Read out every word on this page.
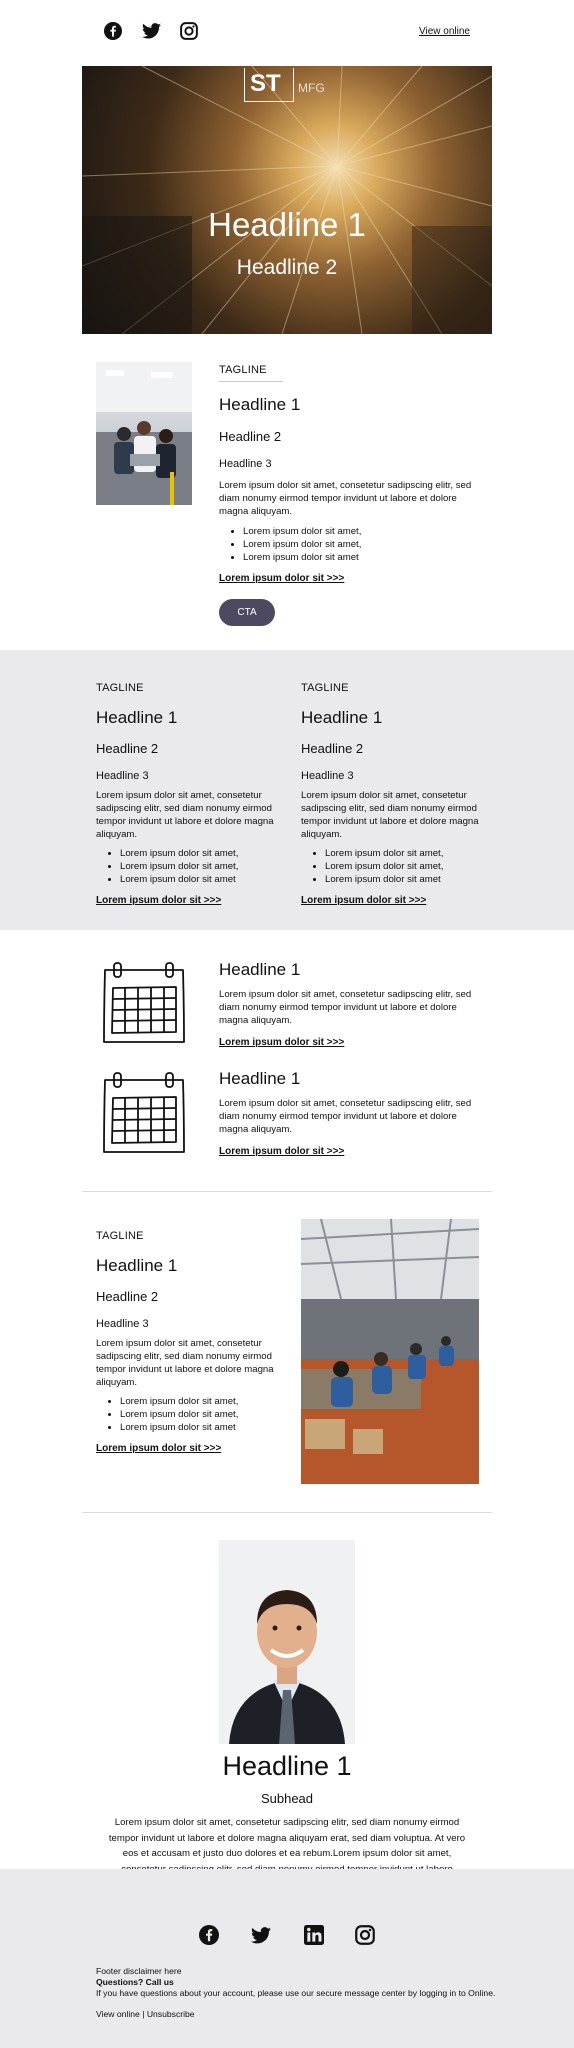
View online
ST MFG
Headline 1
Headline 2
TAGLINE
Headline 1
Headline 2
Headline 3
Lorem ipsum dolor sit amet, consetetur sadipscing elitr, sed diam nonumy eirmod tempor invidunt ut labore et dolore magna aliquyam.
• Lorem ipsum dolor sit amet,
• Lorem ipsum dolor sit amet,
• Lorem ipsum dolor sit amet
Lorem ipsum dolor sit >>>
CTA
TAGLINE
Headline 1
Headline 2
Headline 3
Lorem ipsum dolor sit amet, consetetur sadipscing elitr, sed diam nonumy eirmod tempor invidunt ut labore et dolore magna aliquyam.
• Lorem ipsum dolor sit amet,
• Lorem ipsum dolor sit amet,
• Lorem ipsum dolor sit amet
Lorem ipsum dolor sit >>>
TAGLINE
Headline 1
Headline 2
Headline 3
Lorem ipsum dolor sit amet, consetetur sadipscing elitr, sed diam nonumy eirmod tempor invidunt ut labore et dolore magna aliquyam.
• Lorem ipsum dolor sit amet,
• Lorem ipsum dolor sit amet,
• Lorem ipsum dolor sit amet
Lorem ipsum dolor sit >>>
Headline 1
Lorem ipsum dolor sit amet, consetetur sadipscing elitr, sed diam nonumy eirmod tempor invidunt ut labore et dolore magna aliquyam.
Lorem ipsum dolor sit >>>
Headline 1
Lorem ipsum dolor sit amet, consetetur sadipscing elitr, sed diam nonumy eirmod tempor invidunt ut labore et dolore magna aliquyam.
Lorem ipsum dolor sit >>>
TAGLINE
Headline 1
Headline 2
Headline 3
Lorem ipsum dolor sit amet, consetetur sadipscing elitr, sed diam nonumy eirmod tempor invidunt ut labore et dolore magna aliquyam.
• Lorem ipsum dolor sit amet,
• Lorem ipsum dolor sit amet,
• Lorem ipsum dolor sit amet
Lorem ipsum dolor sit >>>
Headline 1
Subhead
Lorem ipsum dolor sit amet, consetetur sadipscing elitr, sed diam nonumy eirmod tempor invidunt ut labore et dolore magna aliquyam erat, sed diam voluptua. At vero eos et accusam et justo duo dolores et ea rebum.Lorem ipsum dolor sit amet,
Footer disclaimer here
Questions? Call us
If you have questions about your account, please use our secure message center by logging in to Online.
View online | Unsubscribe
